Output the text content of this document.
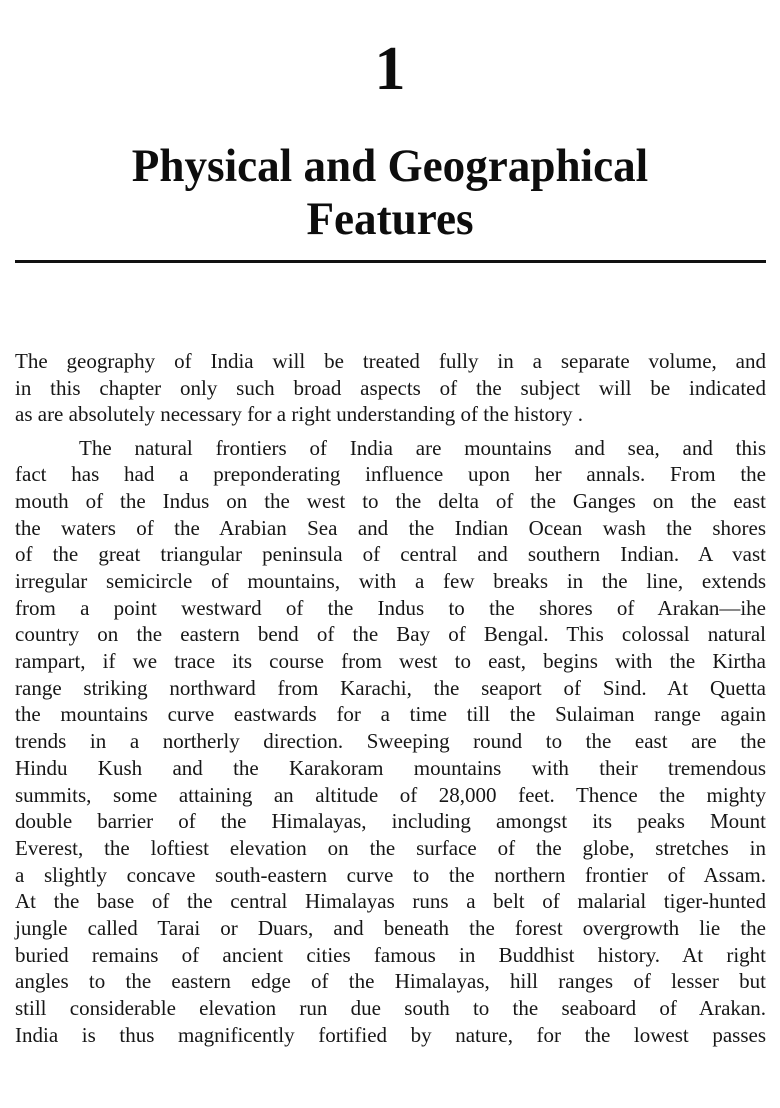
1
Physical and Geographical
Features
The geography of India will be treated fully in a separate volume, and
in this chapter only such broad aspects of the subject will be indicated
as are absolutely necessary for a right understanding of the history .
The natural frontiers of India are mountains and sea, and this
fact has had a preponderating influence upon her annals. From the
mouth of the Indus on the west to the delta of the Ganges on the east
the waters of the Arabian Sea and the Indian Ocean wash the shores
of the great triangular peninsula of central and southern Indian. A vast
irregular semicircle of mountains, with a few breaks in the line, extends
from a point westward of the Indus to the shores of Arakan—ihe
country on the eastern bend of the Bay of Bengal. This colossal natural
rampart, if we trace its course from west to east, begins with the Kirtha
range striking northward from Karachi, the seaport of Sind. At Quetta
the mountains curve eastwards for a time till the Sulaiman range again
trends in a northerly direction. Sweeping round to the east are the
Hindu Kush and the Karakoram mountains with their tremendous
summits, some attaining an altitude of 28,000 feet. Thence the mighty
double barrier of the Himalayas, including amongst its peaks Mount
Everest, the loftiest elevation on the surface of the globe, stretches in
a slightly concave south-eastern curve to the northern frontier of Assam.
At the base of the central Himalayas runs a belt of malarial tiger-hunted
jungle called Tarai or Duars, and beneath the forest overgrowth lie the
buried remains of ancient cities famous in Buddhist history. At right
angles to the eastern edge of the Himalayas, hill ranges of lesser but
still considerable elevation run due south to the seaboard of Arakan.
India is thus magnificently fortified by nature, for the lowest passes
